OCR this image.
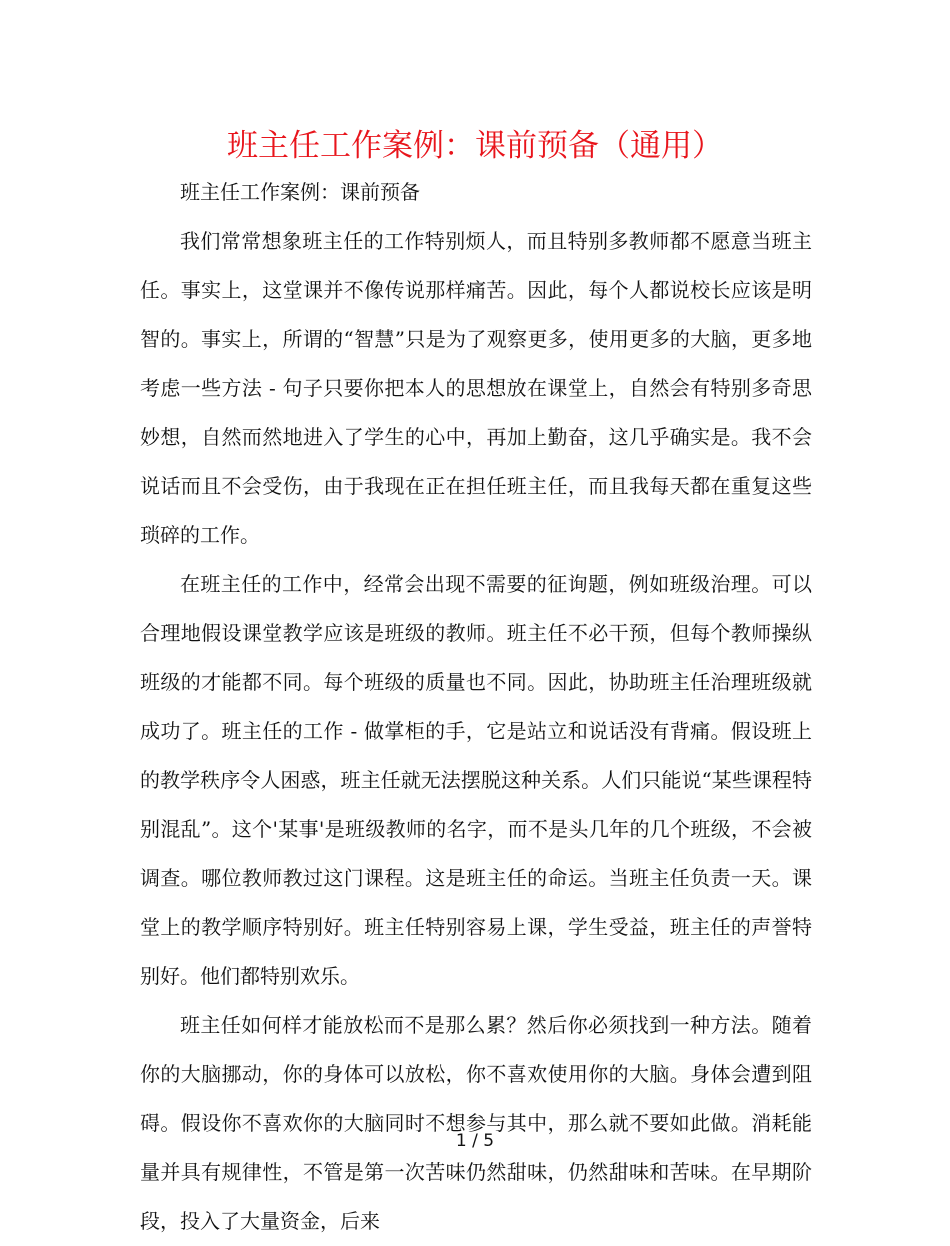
班主任工作案例：课前预备（通用）

班主任工作案例：课前预备

我们常常想象班主任的工作特别烦人，而且特别多教师都不愿意当班主任。事实上，这堂课并不像传说那样痛苦。因此，每个人都说校长应该是明智的。事实上，所谓的“智慧”只是为了观察更多，使用更多的大脑，更多地考虑一些方法 - 句子只要你把本人的思想放在课堂上，自然会有特别多奇思妙想，自然而然地进入了学生的心中，再加上勤奋，这几乎确实是。我不会说话而且不会受伤，由于我现在正在担任班主任，而且我每天都在重复这些琐碎的工作。

在班主任的工作中，经常会出现不需要的征询题，例如班级治理。可以合理地假设课堂教学应该是班级的教师。班主任不必干预，但每个教师操纵班级的才能都不同。每个班级的质量也不同。因此，协助班主任治理班级就成功了。班主任的工作 - 做掌柜的手，它是站立和说话没有背痛。假设班上的教学秩序令人困惑，班主任就无法摆脱这种关系。人们只能说“某些课程特别混乱”。这个'某事'是班级教师的名字，而不是头几年的几个班级，不会被调查。哪位教师教过这门课程。这是班主任的命运。当班主任负责一天。课堂上的教学顺序特别好。班主任特别容易上课，学生受益，班主任的声誉特别好。他们都特别欢乐。

班主任如何样才能放松而不是那么累？然后你必须找到一种方法。随着你的大脑挪动，你的身体可以放松，你不喜欢使用你的大脑。身体会遭到阻碍。假设你不喜欢你的大脑同时不想参与其中，那么就不要如此做。消耗能量并具有规律性，不管是第一次苦味仍然甜味，仍然甜味和苦味。在早期阶段，投入了大量资金，后来

1 / 5
